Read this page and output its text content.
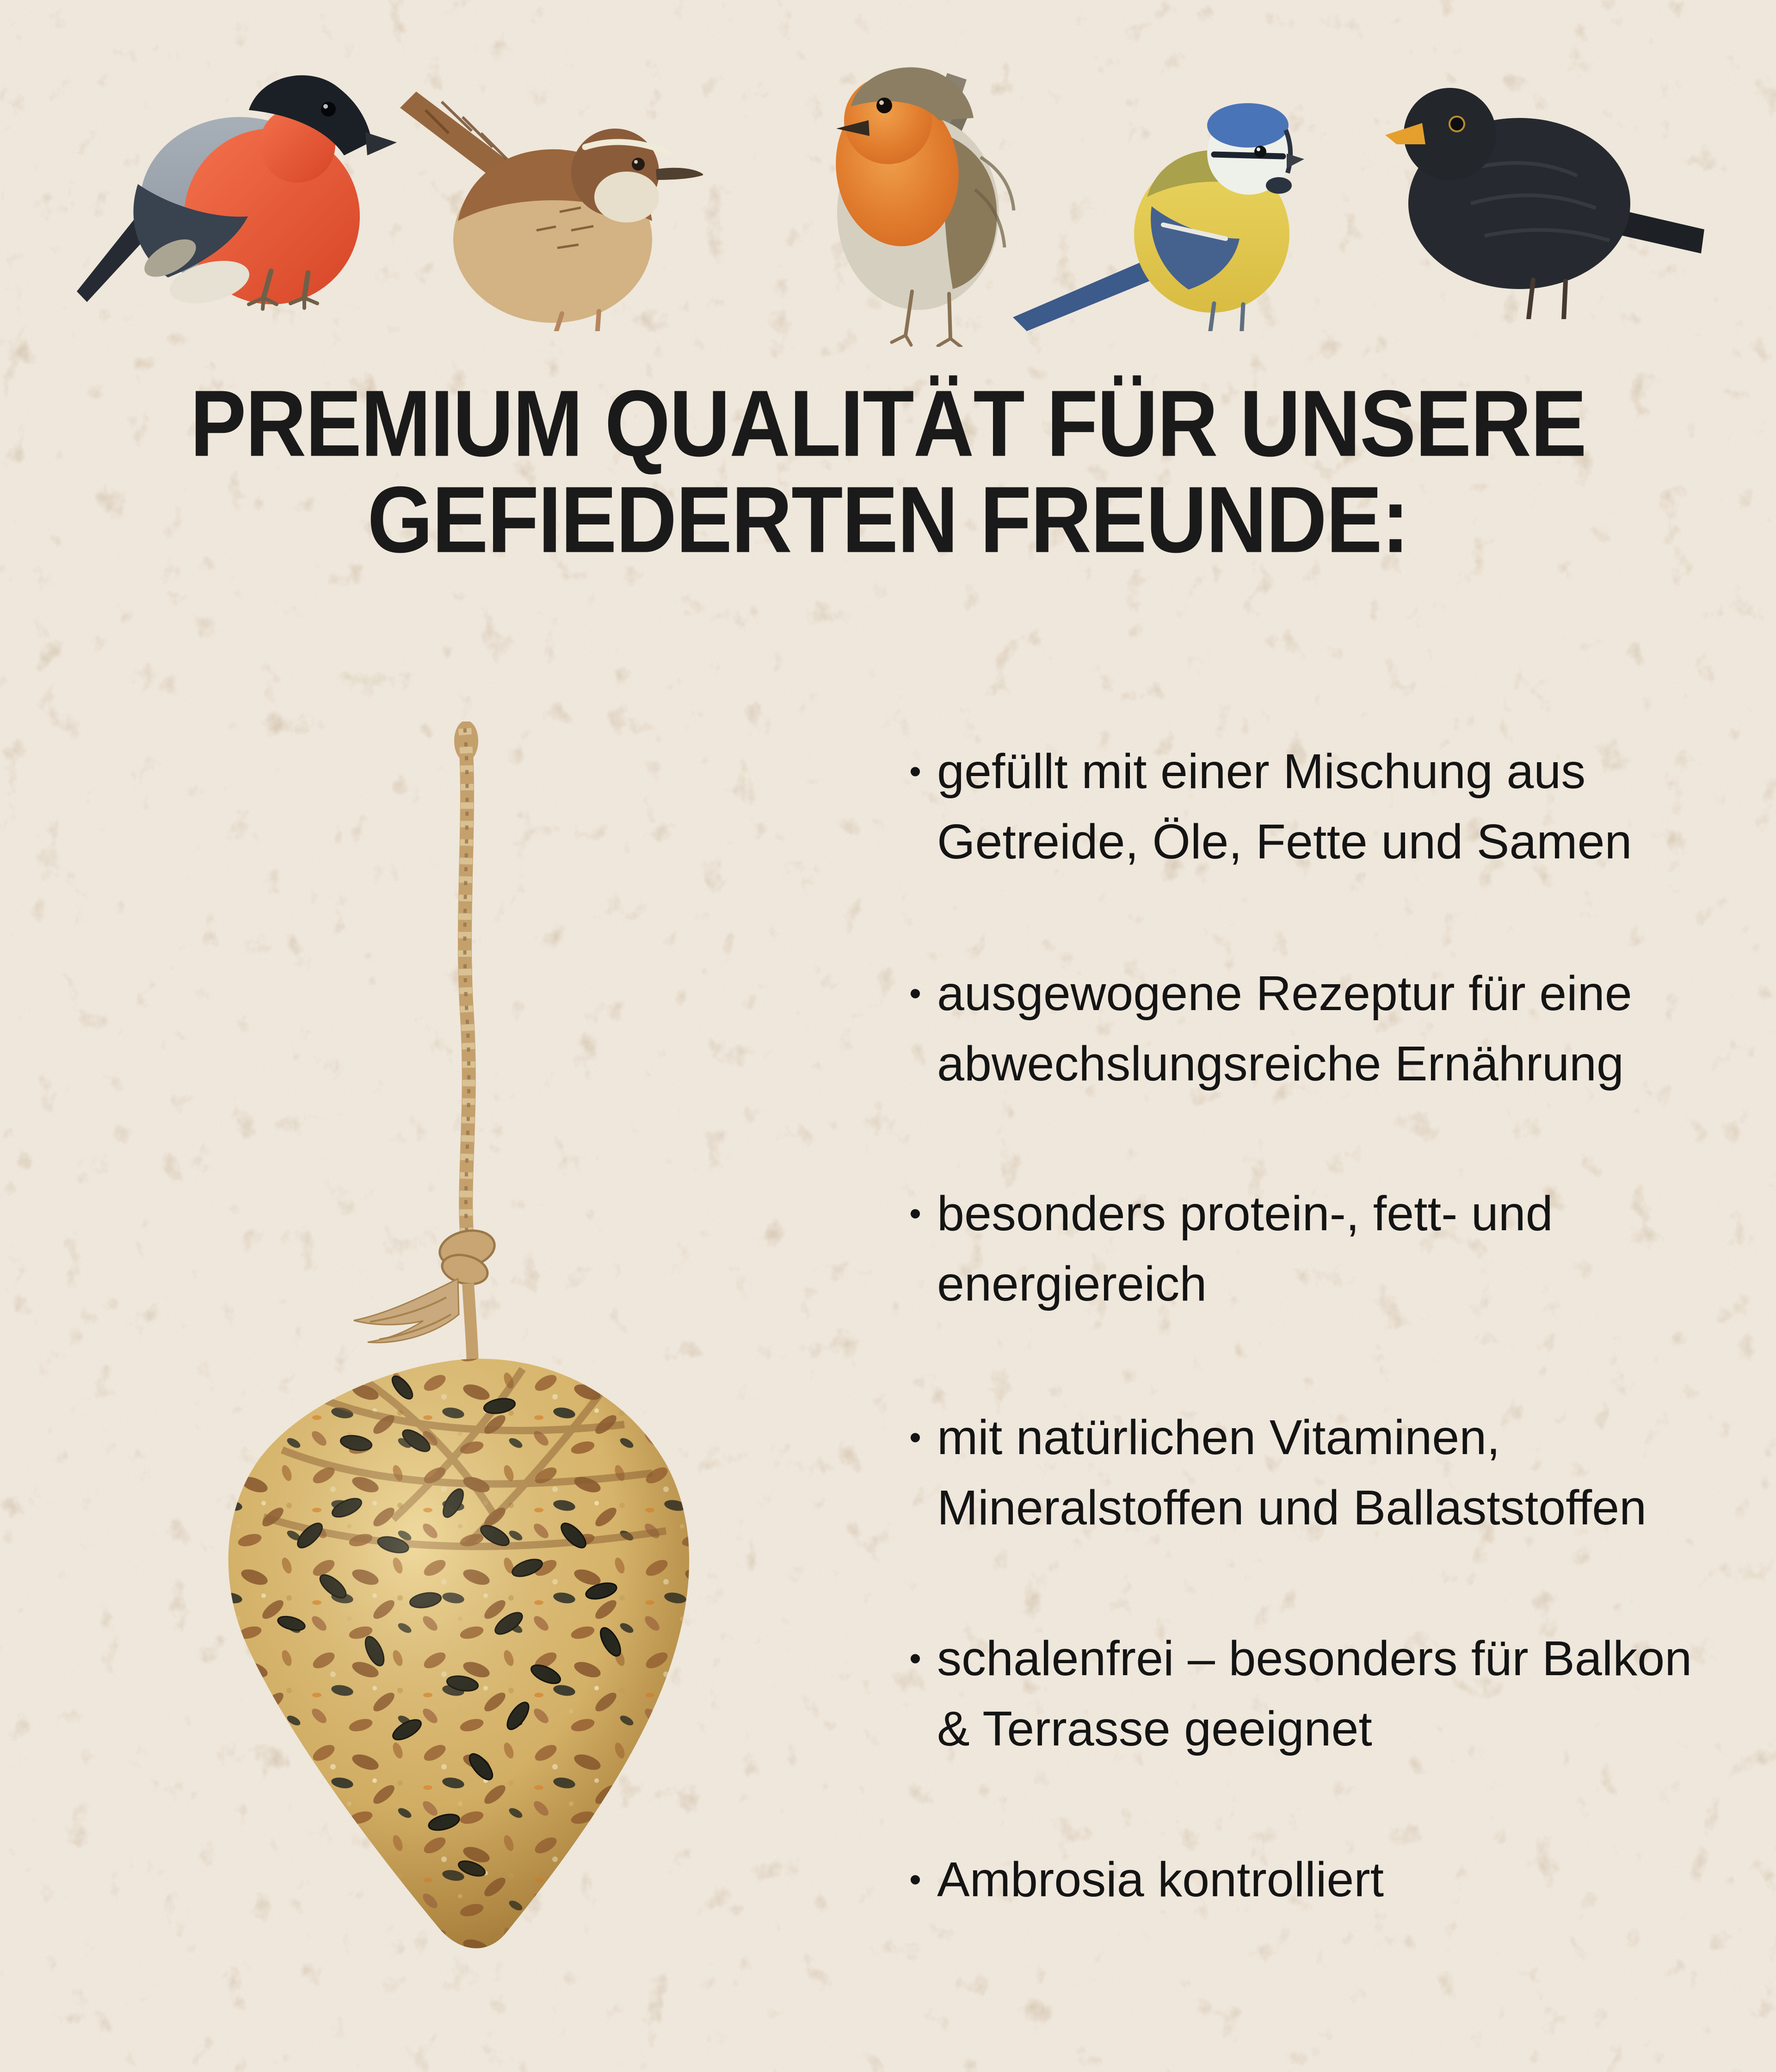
PREMIUM QUALITÄT FÜR UNSERE
GEFIEDERTEN FREUNDE:
• gefüllt mit einer Mischung aus
Getreide, Öle, Fette und Samen
• ausgewogene Rezeptur für eine
abwechslungsreiche Ernährung
• besonders protein-, fett- und
energiereich
• mit natürlichen Vitaminen,
Mineralstoffen und Ballaststoffen
• schalenfrei – besonders für Balkon
& Terrasse geeignet
• Ambrosia kontrolliert
